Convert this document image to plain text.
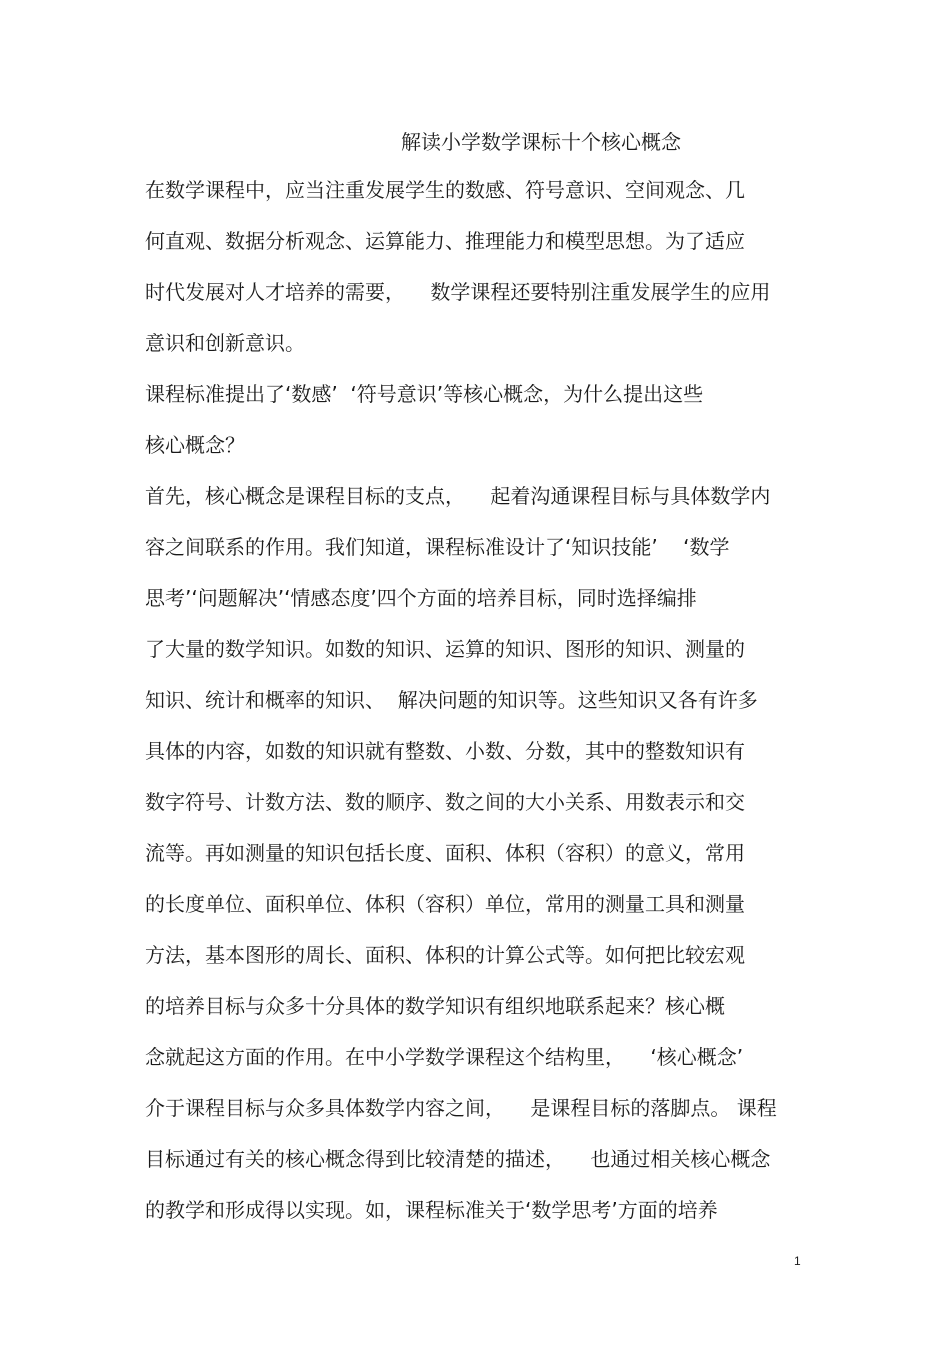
解读小学数学课标十个核心概念
在数学课程中，应当注重发展学生的数感、符号意识、空间观念、几
何直观、数据分析观念、运算能力、推理能力和模型思想。为了适应
时代发展对人才培养的需要，    数学课程还要特别注重发展学生的应用
意识和创新意识。
课程标准提出了‘数感’  ‘符号意识’等核心概念，为什么提出这些
核心概念？
首先，核心概念是课程目标的支点，    起着沟通课程目标与具体数学内
容之间联系的作用。我们知道，课程标准设计了‘知识技能’    ‘数学
思考’‘问题解决’‘情感态度’四个方面的培养目标，同时选择编排
了大量的数学知识。如数的知识、运算的知识、图形的知识、测量的
知识、统计和概率的知识、  解决问题的知识等。这些知识又各有许多
具体的内容，如数的知识就有整数、小数、分数，其中的整数知识有
数字符号、计数方法、数的顺序、数之间的大小关系、用数表示和交
流等。再如测量的知识包括长度、面积、体积（容积）的意义，常用
的长度单位、面积单位、体积（容积）单位，常用的测量工具和测量
方法，基本图形的周长、面积、体积的计算公式等。如何把比较宏观
的培养目标与众多十分具体的数学知识有组织地联系起来？核心概
念就起这方面的作用。在中小学数学课程这个结构里，    ‘核心概念’
介于课程目标与众多具体数学内容之间，    是课程目标的落脚点。 课程
目标通过有关的核心概念得到比较清楚的描述，    也通过相关核心概念
的教学和形成得以实现。如，课程标准关于‘数学思考’方面的培养
1
